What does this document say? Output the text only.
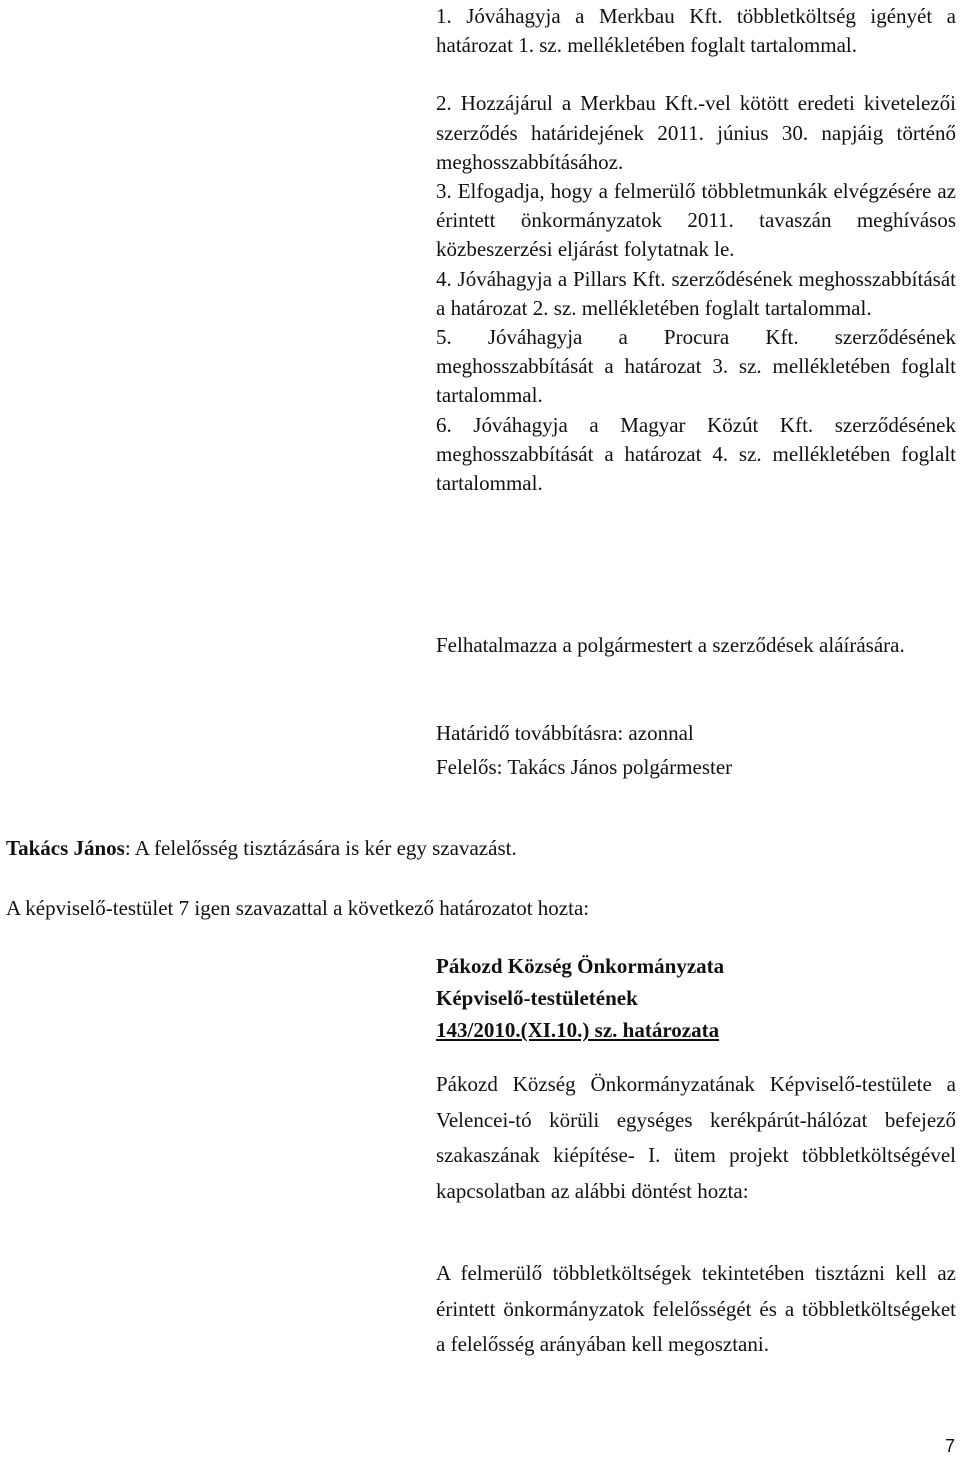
1. Jóváhagyja a Merkbau Kft. többletköltség igényét a határozat 1. sz. mellékletében foglalt tartalommal.

2. Hozzájárul a Merkbau Kft.-vel kötött eredeti kivetelezői szerződés határidejének 2011. június 30. napjáig történő meghosszabbításához.

3. Elfogadja, hogy a felmerülő többletmunkák elvégzésére az érintett önkormányzatok 2011. tavaszán meghívásos közbeszerzési eljárást folytatnak le.

4. Jóváhagyja a Pillars Kft. szerződésének meghosszabbítását a határozat 2. sz. mellékletében foglalt tartalommal.

5. Jóváhagyja a Procura Kft. szerződésének meghosszabbítását a határozat 3. sz. mellékletében foglalt tartalommal.

6. Jóváhagyja a Magyar Közút Kft. szerződésének meghosszabbítását a határozat 4. sz. mellékletében foglalt tartalommal.

Felhatalmazza a polgármestert a szerződések aláírására.

Határidő továbbításra: azonnal
Felelős: Takács János polgármester

Takács János: A felelősség tisztázására is kér egy szavazást.

A képviselő-testület 7 igen szavazattal a következő határozatot hozta:

Pákozd Község Önkormányzata
Képviselő-testületének
143/2010.(XI.10.) sz. határozata

Pákozd Község Önkormányzatának Képviselő-testülete a Velencei-tó körüli egységes kerékpárút-hálózat befejező szakaszának kiépítése- I. ütem projekt többletköltségével kapcsolatban az alábbi döntést hozta:

A felmerülő többletköltségek tekintetében tisztázni kell az érintett önkormányzatok felelősségét és a többletköltségeket a felelősség arányában kell megosztani.

7
